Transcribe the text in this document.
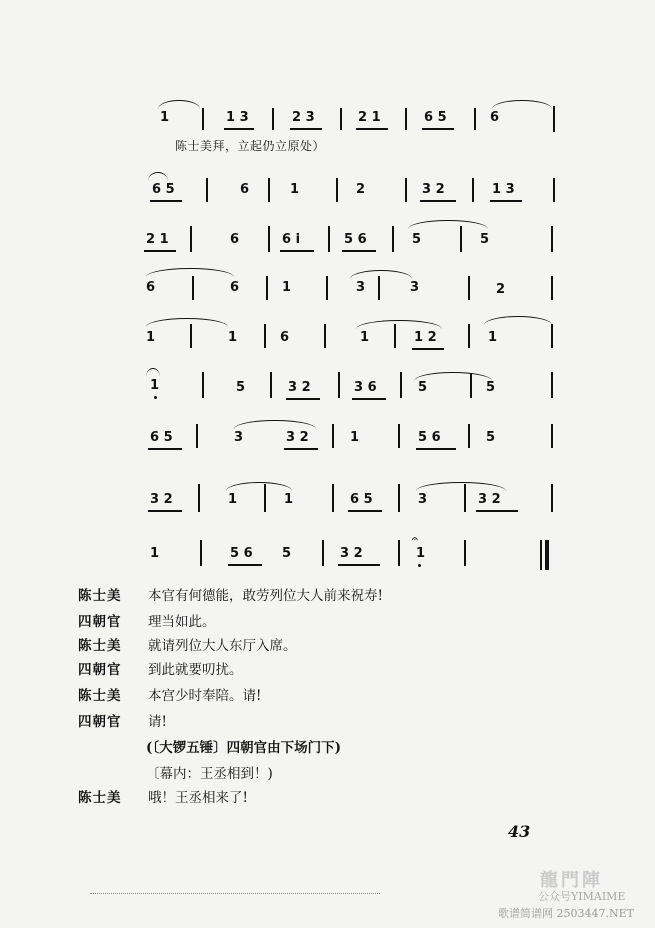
1	1 3	2 3	2 1	6 5	6
陈士美拜，立起仍立原处）
6 5	6	1	2	3 2	1 3
2 1	6	6 i	5 6	5	5
6	6	1	3	3	2
1	1	6	1	1 2	1
1	5	3 2	3 6	5	5
6 5	3	3 2	1	5 6	5
3 2	1	1	6 5	3	3 2
1	5 6 5	3 2
𝄐
1
陈士美	本官有何德能，敢劳列位大人前来祝寿!
四朝官	理当如此。
陈士美	就请列位大人东厅入席。
四朝官	到此就要叨扰。
陈士美	本宫少时奉陪。请!
四朝官	请!
(〔大锣五锤〕四朝官由下场门下)
〔幕内：王丞相到！)
陈士美	哦！王丞相来了!
43
龍門陣
公众号YIMAIME
歌谱简谱网 2503447.NET
